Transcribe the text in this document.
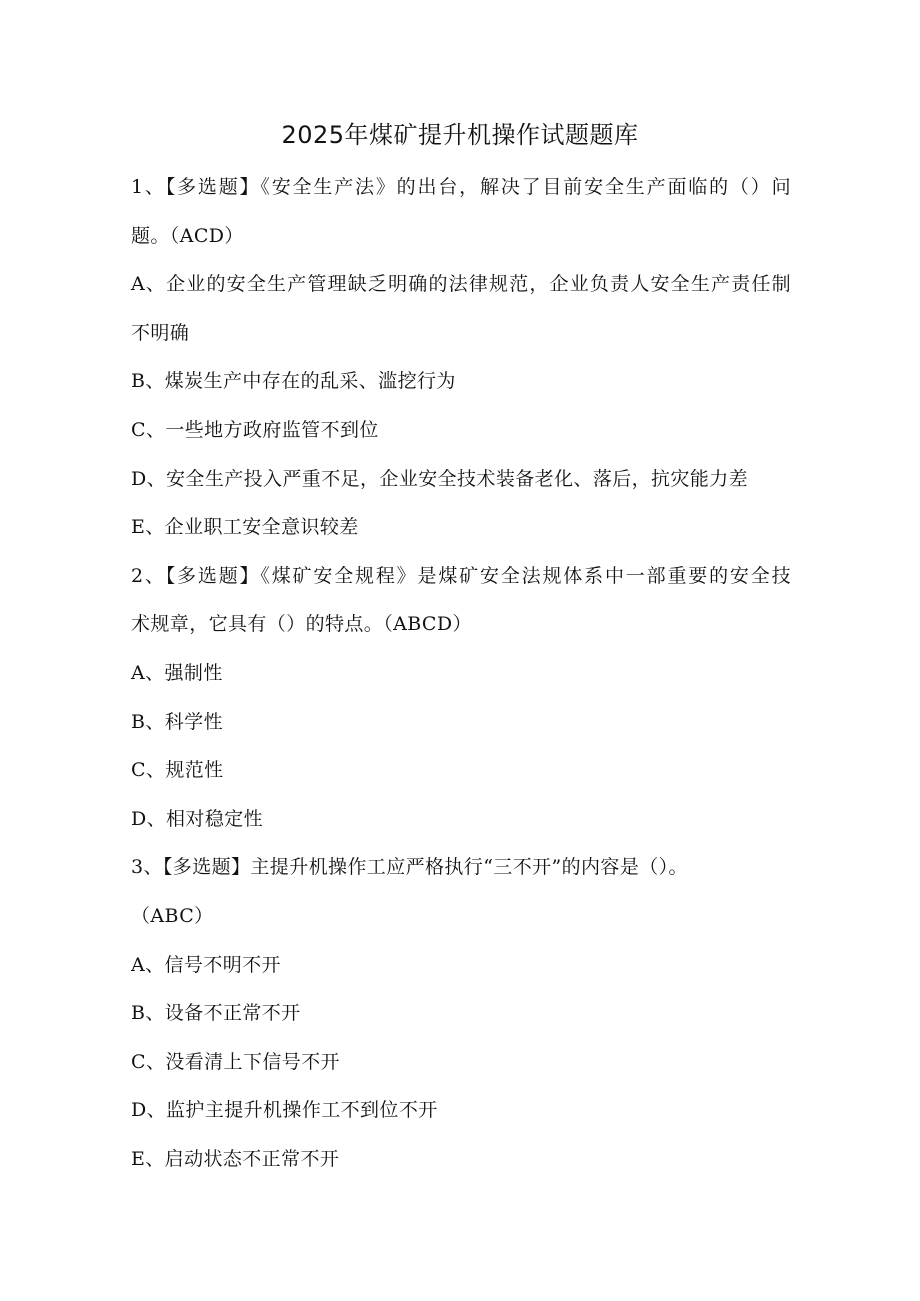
2025年煤矿提升机操作试题题库
1、【多选题】《安全生产法》的出台，解决了目前安全生产面临的（）问
题。（ACD）
A、企业的安全生产管理缺乏明确的法律规范，企业负责人安全生产责任制
不明确
B、煤炭生产中存在的乱采、滥挖行为
C、一些地方政府监管不到位
D、安全生产投入严重不足，企业安全技术装备老化、落后，抗灾能力差
E、企业职工安全意识较差
2、【多选题】《煤矿安全规程》是煤矿安全法规体系中一部重要的安全技
术规章，它具有（）的特点。（ABCD）
A、强制性
B、科学性
C、规范性
D、相对稳定性
3、【多选题】主提升机操作工应严格执行“三不开”的内容是（）。
（ABC）
A、信号不明不开
B、设备不正常不开
C、没看清上下信号不开
D、监护主提升机操作工不到位不开
E、启动状态不正常不开
